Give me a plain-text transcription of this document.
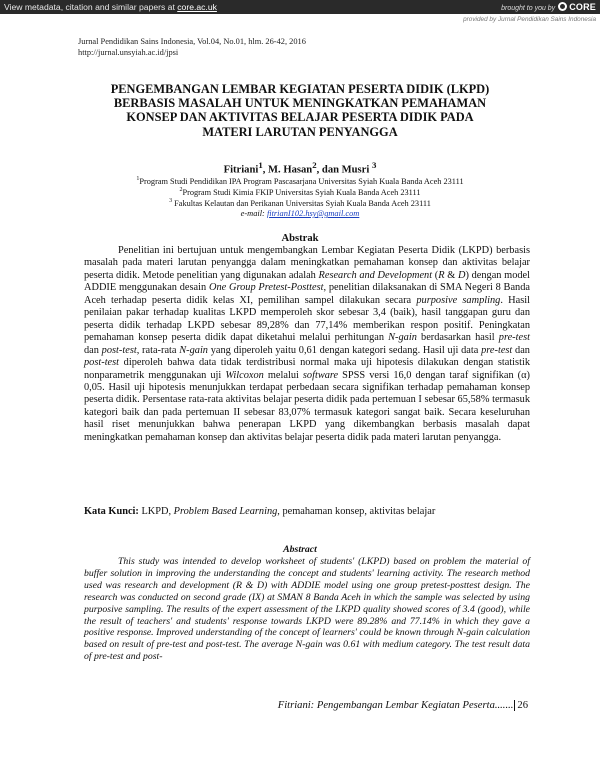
View metadata, citation and similar papers at core.ac.uk	brought to you by CORE
provided by Jurnal Pendidikan Sains Indonesia
Jurnal Pendidikan Sains Indonesia, Vol.04, No.01, hlm. 26-42, 2016
http://jurnal.unsyiah.ac.id/jpsi
PENGEMBANGAN LEMBAR KEGIATAN PESERTA DIDIK (LKPD)
BERBASIS MASALAH UNTUK MENINGKATKAN PEMAHAMAN
KONSEP DAN AKTIVITAS BELAJAR PESERTA DIDIK PADA
MATERI LARUTAN PENYANGGA
Fitriani$^1$, M. Hasan$^2$, dan Musri $^3$
$^1$Program Studi Pendidikan IPA Program Pascasarjana Universitas Syiah Kuala Banda Aceh 23111
$^2$Program Studi Kimia FKIP Universitas Syiah Kuala Banda Aceh 23111
$^3$ Fakultas Kelautan dan Perikanan Universitas Syiah Kuala Banda Aceh 23111
e-mail: fitrianI102.hsy@gmail.com
Abstrak

Penelitian ini bertujuan untuk mengembangkan Lembar Kegiatan Peserta Didik (LKPD) berbasis masalah pada materi larutan penyangga dalam meningkatkan pemahaman konsep dan aktivitas belajar peserta didik. Metode penelitian yang digunakan adalah Research and Development (R & D) dengan model ADDIE menggunakan desain One Group Pretest-Posttest, penelitian dilaksanakan di SMA Negeri 8 Banda Aceh terhadap peserta didik kelas XI, pemilihan sampel dilakukan secara purposive sampling. Hasil penilaian pakar terhadap kualitas LKPD memperoleh skor sebesar 3,4 (baik), hasil tanggapan guru dan peserta didik terhadap LKPD sebesar 89,28% dan 77,14% memberikan respon positif. Peningkatan pemahaman konsep peserta didik dapat diketahui melalui perhitungan N-gain berdasarkan hasil pre-test dan post-test, rata-rata N-gain yang diperoleh yaitu 0,61 dengan kategori sedang. Hasil uji data pre-test dan post-test diperoleh bahwa data tidak terdistribusi normal maka uji hipotesis dilakukan dengan statistik nonparametrik menggunakan uji Wilcoxon melalui software SPSS versi 16,0 dengan taraf signifikan (α) 0,05. Hasil uji hipotesis menunjukkan terdapat perbedaan secara signifikan terhadap pemahaman konsep peserta didik. Persentase rata-rata aktivitas belajar peserta didik pada pertemuan I sebesar 65,58% termasuk kategori baik dan pada pertemuan II sebesar 83,07% termasuk kategori sangat baik. Secara keseluruhan hasil riset menunjukkan bahwa penerapan LKPD yang dikembangkan berbasis masalah dapat meningkatkan pemahaman konsep dan aktivitas belajar peserta didik pada materi larutan penyangga.

Kata Kunci: LKPD, Problem Based Learning, pemahaman konsep, aktivitas belajar

Abstract

This study was intended to develop worksheet of students' (LKPD) based on problem the material of buffer solution in improving the understanding the concept and students' learning activity. The research method used was research and development (R & D) with ADDIE model using one group pretest-posttest design. The research was conducted on second grade (IX) at SMAN 8 Banda Aceh in which the sample was selected by using purposive sampling. The results of the expert assessment of the LKPD quality showed scores of 3.4 (good), while the result of teachers' and students' response towards LKPD were 89.28% and 77.14% in which they gave a positive response. Improved understanding of the concept of learners' could be known through N-gain calculation based on result of pre-test and post-test. The average N-gain was 0.61 with medium category. The test result data of pre-test and post-

Fitriani: Pengembangan Lembar Kegiatan Peserta....... 26
